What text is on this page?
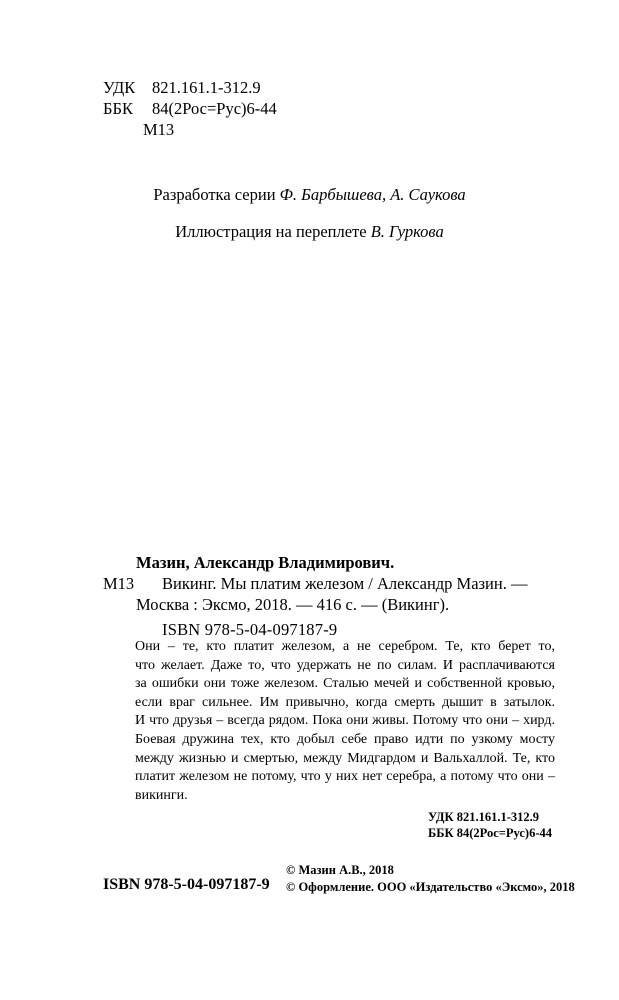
УДК 821.161.1-312.9
ББК 84(2Рос=Рус)6-44
М13
Разработка серии Ф. Барбышева, А. Саукова
Иллюстрация на переплете В. Гуркова
Мазин, Александр Владимирович.
М13 Викинг. Мы платим железом / Александр Мазин. —
Москва : Эксмо, 2018. — 416 с. — (Викинг).
ISBN 978-5-04-097187-9
Они – те, кто платит железом, а не серебром. Те, кто берет то,
что желает. Даже то, что удержать не по силам. И расплачиваются
за ошибки они тоже железом. Сталью мечей и собственной кровью,
если враг сильнее. Им привычно, когда смерть дышит в затылок.
И что друзья – всегда рядом. Пока они живы. Потому что они – хирд.
Боевая дружина тех, кто добыл себе право идти по узкому мосту
между жизнью и смертью, между Мидгардом и Вальхаллой. Те, кто
платит железом не потому, что у них нет серебра, а потому что они –
викинги.
УДК 821.161.1-312.9
ББК 84(2Рос=Рус)6-44
ISBN 978-5-04-097187-9
© Мазин А.В., 2018
© Оформление. ООО «Издательство «Эксмо», 2018
